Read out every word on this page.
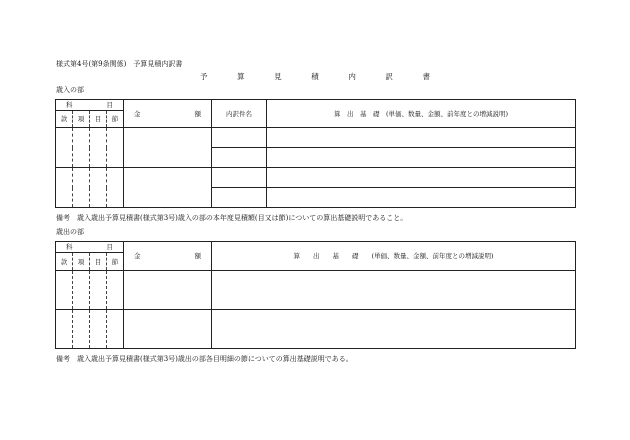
様式第4号(第9条関係)　予算見積内訳書
予	算	見	積	内	訳	書
歳入の部
科 目				金 額	内訳件名	算　出　基　礎　(単価、数量、金額、前年度との増減説明)
款	項	目	節			

備考　歳入歳出予算見積書(様式第3号)歳入の部の本年度見積額(目又は節)についての算出基礎説明であること。
歳出の部
科 目				金 額	算　　出　　基　　礎　　(単価、数量、金額、前年度との増減説明)
款	項	目	節		

備考　歳入歳出予算見積書(様式第3号)歳出の部各目明細の節についての算出基礎説明である。
